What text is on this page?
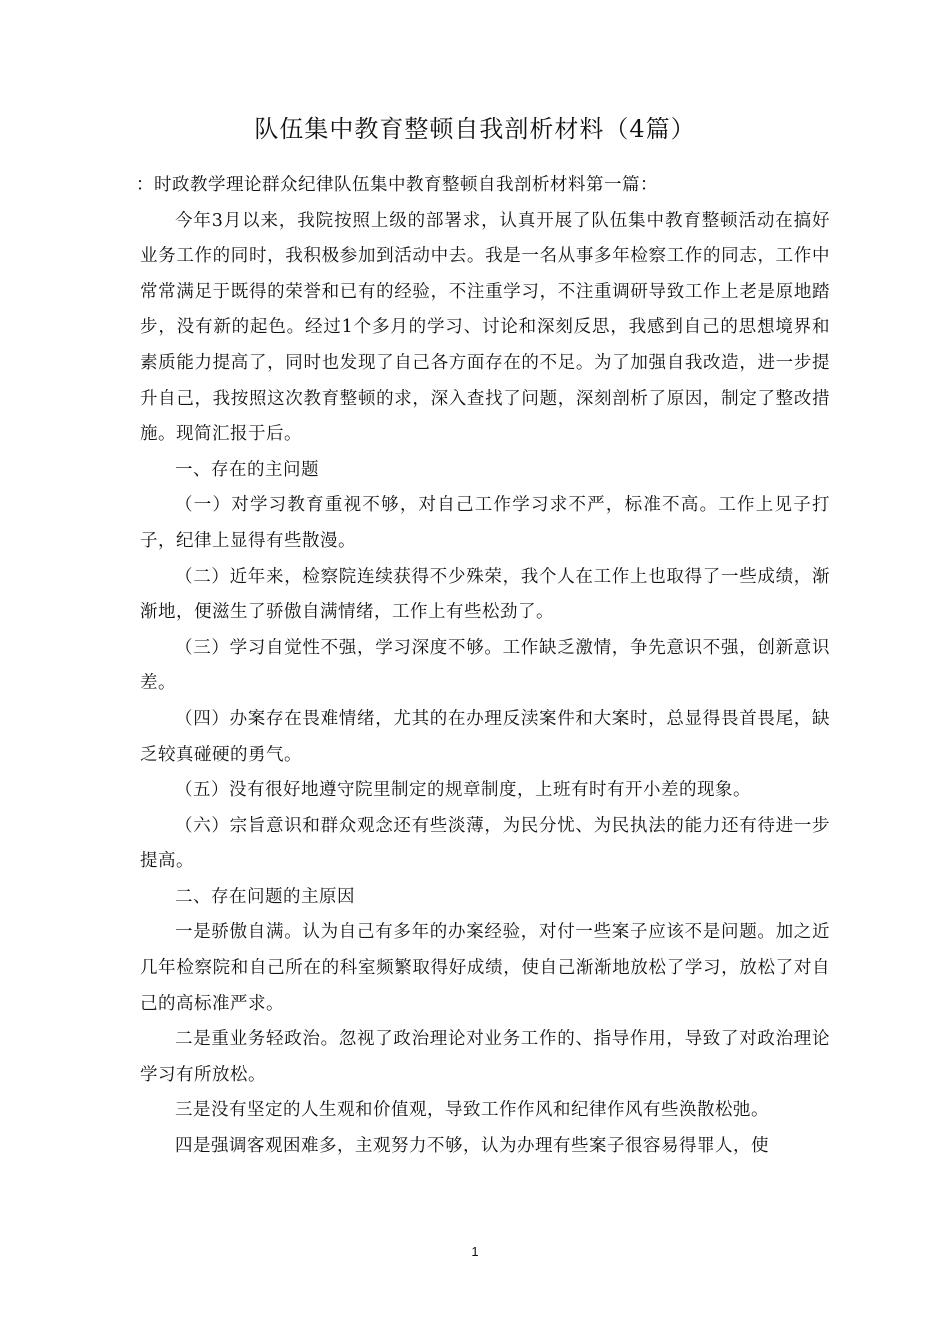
队伍集中教育整顿自我剖析材料（4篇）

：时政教学理论群众纪律队伍集中教育整顿自我剖析材料第一篇：

今年3月以来，我院按照上级的部署求，认真开展了队伍集中教育整顿活动在搞好业务工作的同时，我积极参加到活动中去。我是一名从事多年检察工作的同志，工作中常常满足于既得的荣誉和已有的经验，不注重学习，不注重调研导致工作上老是原地踏步，没有新的起色。经过1个多月的学习、讨论和深刻反思，我感到自己的思想境界和素质能力提高了，同时也发现了自己各方面存在的不足。为了加强自我改造，进一步提升自己，我按照这次教育整顿的求，深入查找了问题，深刻剖析了原因，制定了整改措施。现简汇报于后。

一、存在的主问题

（一）对学习教育重视不够，对自己工作学习求不严，标准不高。工作上见子打子，纪律上显得有些散漫。

（二）近年来，检察院连续获得不少殊荣，我个人在工作上也取得了一些成绩，渐渐地，便滋生了骄傲自满情绪，工作上有些松劲了。

（三）学习自觉性不强，学习深度不够。工作缺乏激情，争先意识不强，创新意识差。

（四）办案存在畏难情绪，尤其的在办理反渎案件和大案时，总显得畏首畏尾，缺乏较真碰硬的勇气。

（五）没有很好地遵守院里制定的规章制度，上班有时有开小差的现象。

（六）宗旨意识和群众观念还有些淡薄，为民分忧、为民执法的能力还有待进一步提高。

二、存在问题的主原因

一是骄傲自满。认为自己有多年的办案经验，对付一些案子应该不是问题。加之近几年检察院和自己所在的科室频繁取得好成绩，使自己渐渐地放松了学习，放松了对自己的高标准严求。

二是重业务轻政治。忽视了政治理论对业务工作的、指导作用，导致了对政治理论学习有所放松。

三是没有坚定的人生观和价值观，导致工作作风和纪律作风有些涣散松弛。

四是强调客观困难多，主观努力不够，认为办理有些案子很容易得罪人，使

1
